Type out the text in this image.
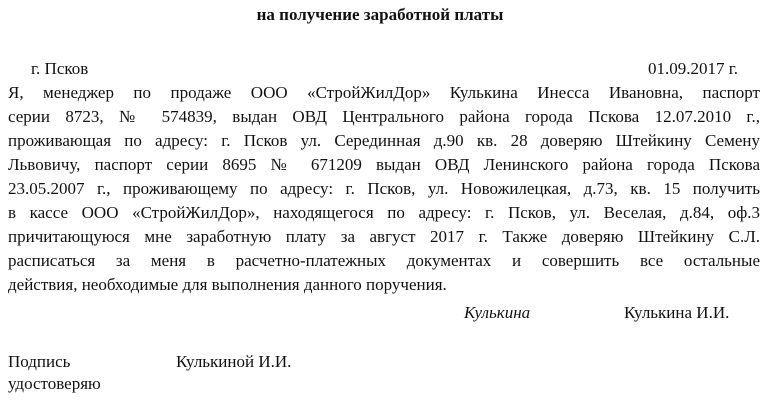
на получение заработной платы
г. Псков	01.09.2017 г.
Я, менеджер по продаже ООО «СтройЖилДор» Кулькина Инесса Ивановна, паспорт
серии 8723, № 574839, выдан ОВД Центрального района города Пскова 12.07.2010 г.,
проживающая по адресу: г. Псков ул. Серединная д.90 кв. 28 доверяю Штейкину Семену
Львовичу, паспорт серии 8695 № 671209 выдан ОВД Ленинского района города Пскова
23.05.2007 г., проживающему по адресу: г. Псков, ул. Новожилецкая, д.73, кв. 15 получить
в кассе ООО «СтройЖилДор», находящегося по адресу: г. Псков, ул. Веселая, д.84, оф.3
причитающуюся мне заработную плату за август 2017 г. Также доверяю Штейкину С.Л.
расписаться за меня в расчетно-платежных документах и совершить все остальные
действия, необходимые для выполнения данного поручения.
Кулькина	Кулькина И.И.
Подпись
удостоверяю
Кулькиной И.И.
